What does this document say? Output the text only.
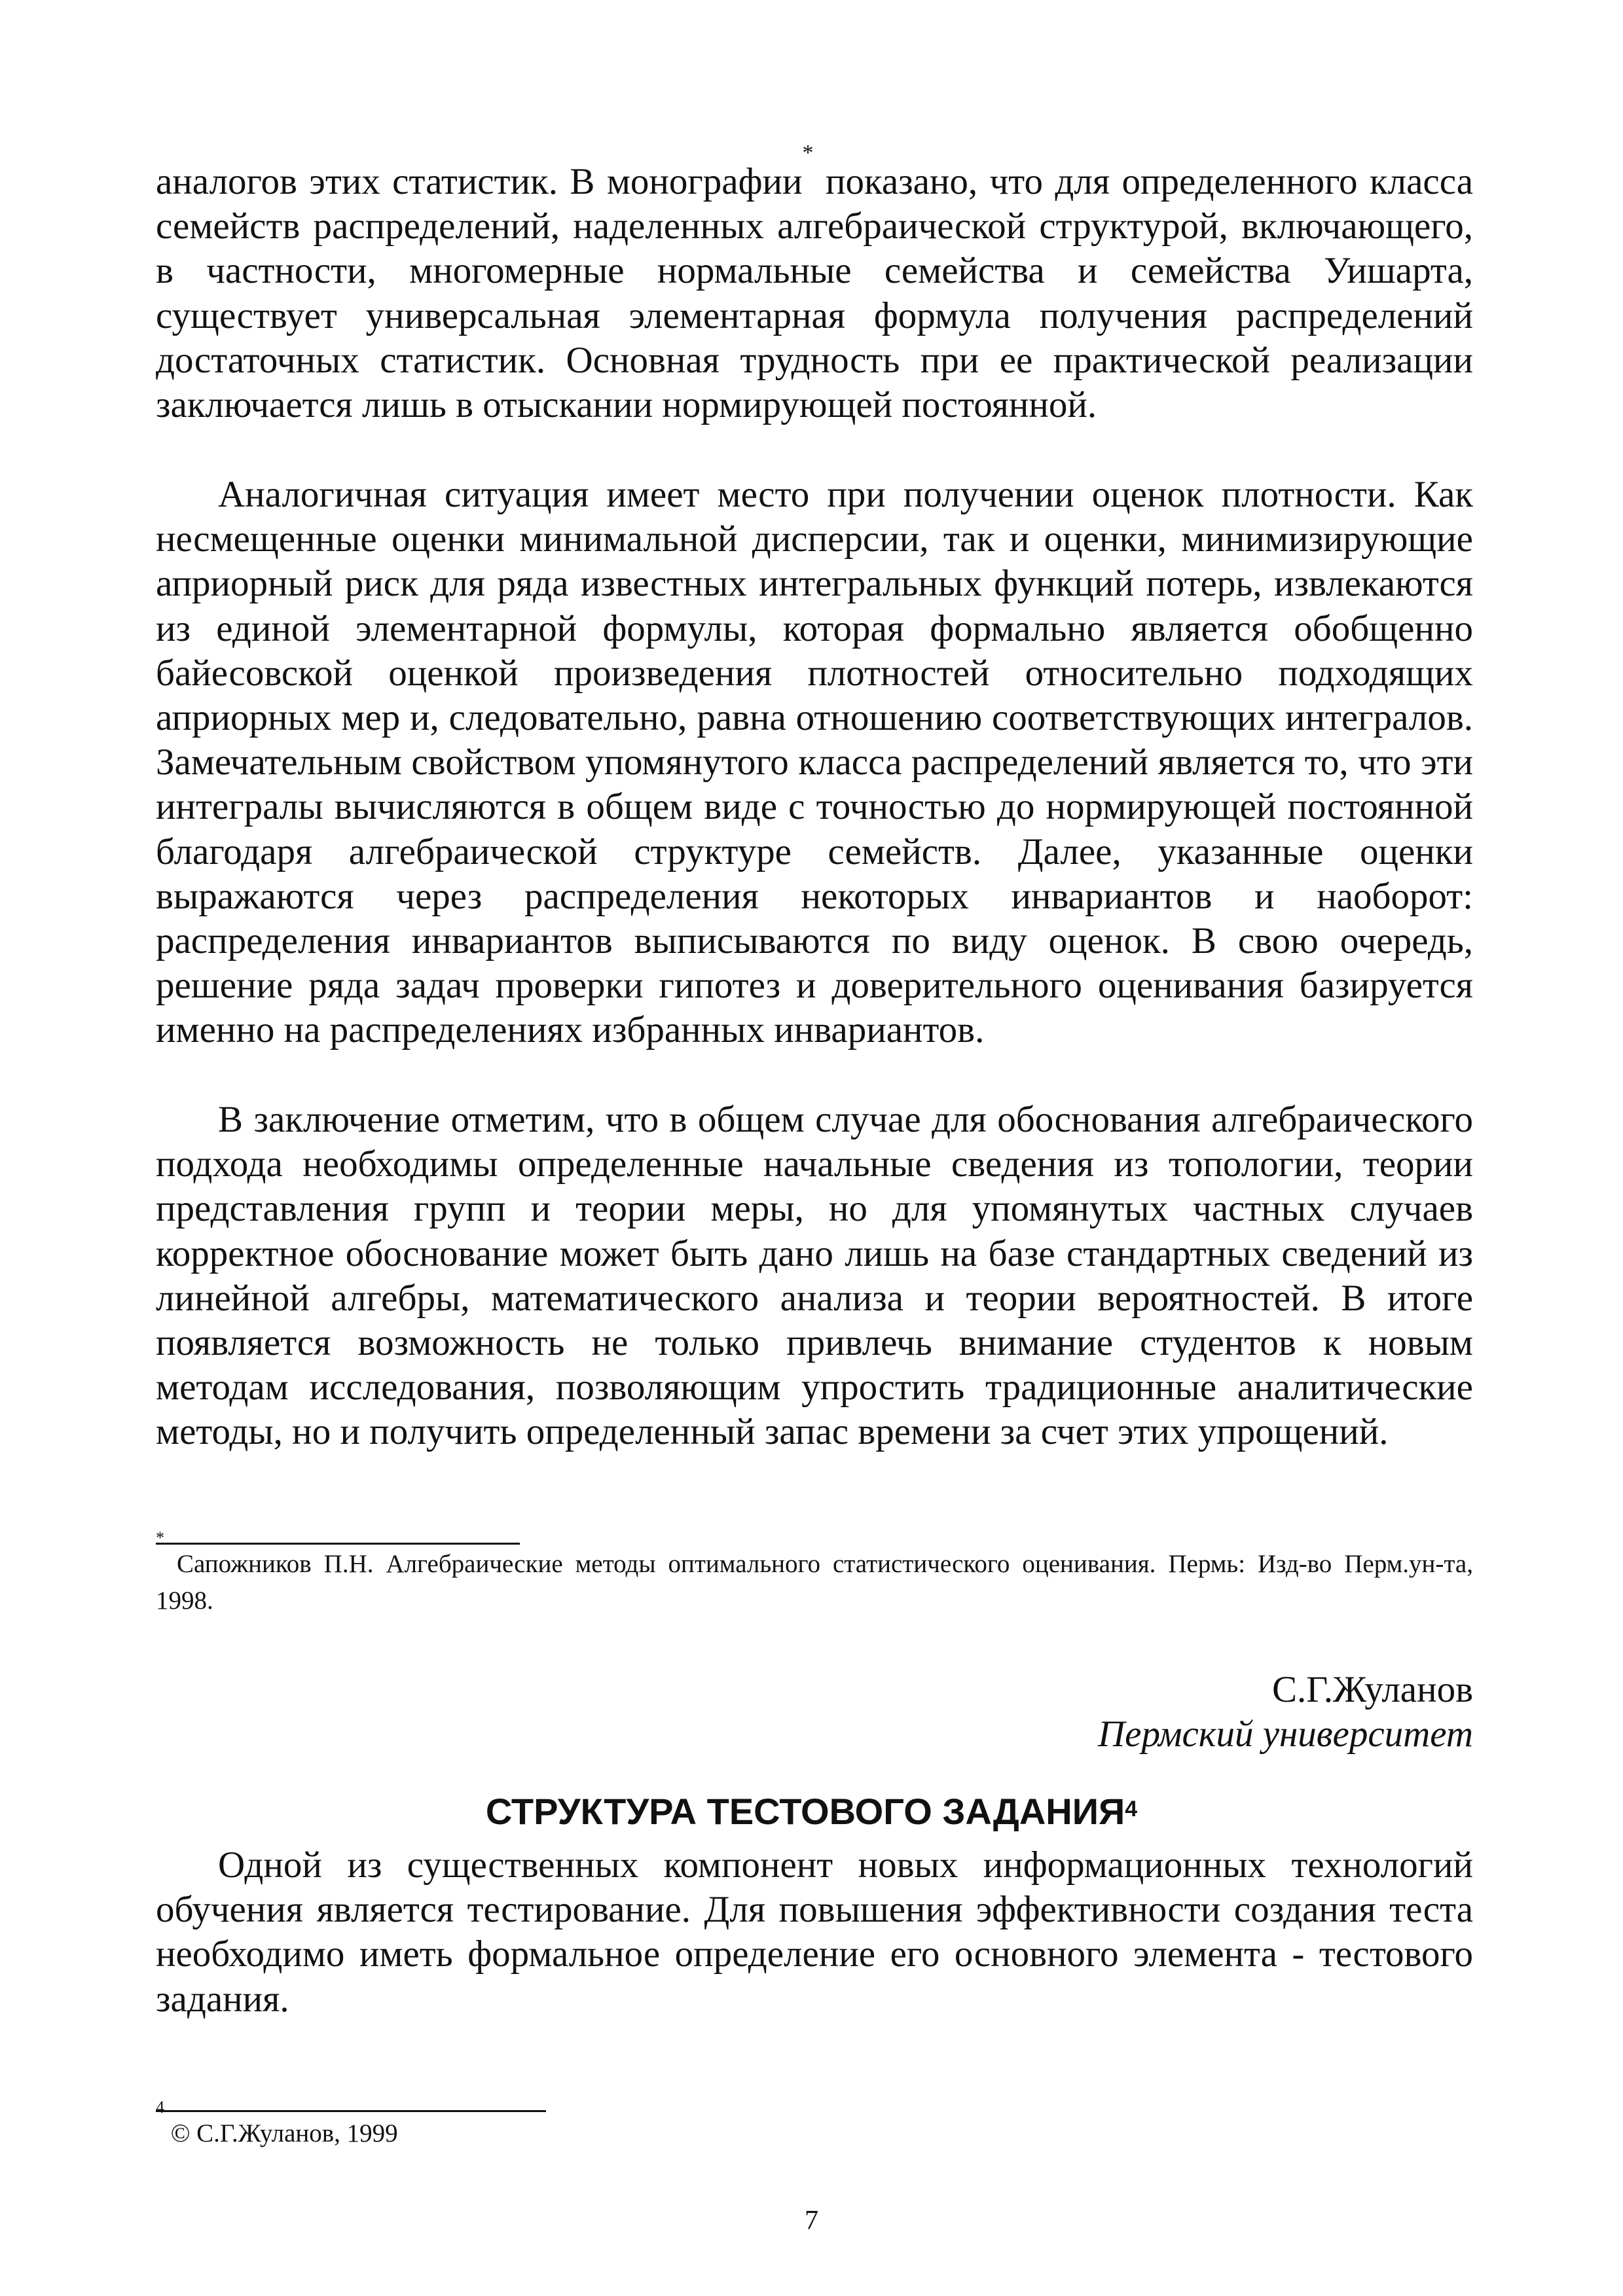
аналогов этих статистик. В монографии* показано, что для определенного класса семейств распределений, наделенных алгебраической структурой, включающего, в частности, многомерные нормальные семейства и семейства Уишарта, существует универсальная элементарная формула получения распределений достаточных статистик. Основная трудность при ее практической реализации заключается лишь в отыскании нормирующей постоянной.

Аналогичная ситуация имеет место при получении оценок плотности. Как несмещенные оценки минимальной дисперсии, так и оценки, минимизирующие априорный риск для ряда известных интегральных функций потерь, извлекаются из единой элементарной формулы, которая формально является обобщенно байесовской оценкой произведения плотностей относительно подходящих априорных мер и, следовательно, равна отношению соответствующих интегралов. Замечательным свойством упомянутого класса распределений является то, что эти интегралы вычисляются в общем виде с точностью до нормирующей постоянной благодаря алгебраической структуре семейств. Далее, указанные оценки выражаются через распределения некоторых инвариантов и наоборот: распределения инвариантов выписываются по виду оценок. В свою очередь, решение ряда задач проверки гипотез и доверительного оценивания базируется именно на распределениях избранных инвариантов.

В заключение отметим, что в общем случае для обоснования алгебраического подхода необходимы определенные начальные сведения из топологии, теории представления групп и теории меры, но для упомянутых частных случаев корректное обоснование может быть дано лишь на базе стандартных сведений из линейной алгебры, математического анализа и теории вероятностей. В итоге появляется возможность не только привлечь внимание студентов к новым методам исследования, позволяющим упростить традиционные аналитические методы, но и получить определенный запас времени за счет этих упрощений.

* Сапожников П.Н. Алгебраические методы оптимального статистического оценивания. Пермь: Изд-во Перм.ун-та, 1998.

С.Г.Жуланов

Пермский университет

СТРУКТУРА ТЕСТОВОГО ЗАДАНИЯ$^4$

Одной из существенных компонент новых информационных технологий обучения является тестирование. Для повышения эффективности создания теста необходимо иметь формальное определение его основного элемента - тестового задания.

$^4$ © С.Г.Жуланов, 1999

7
